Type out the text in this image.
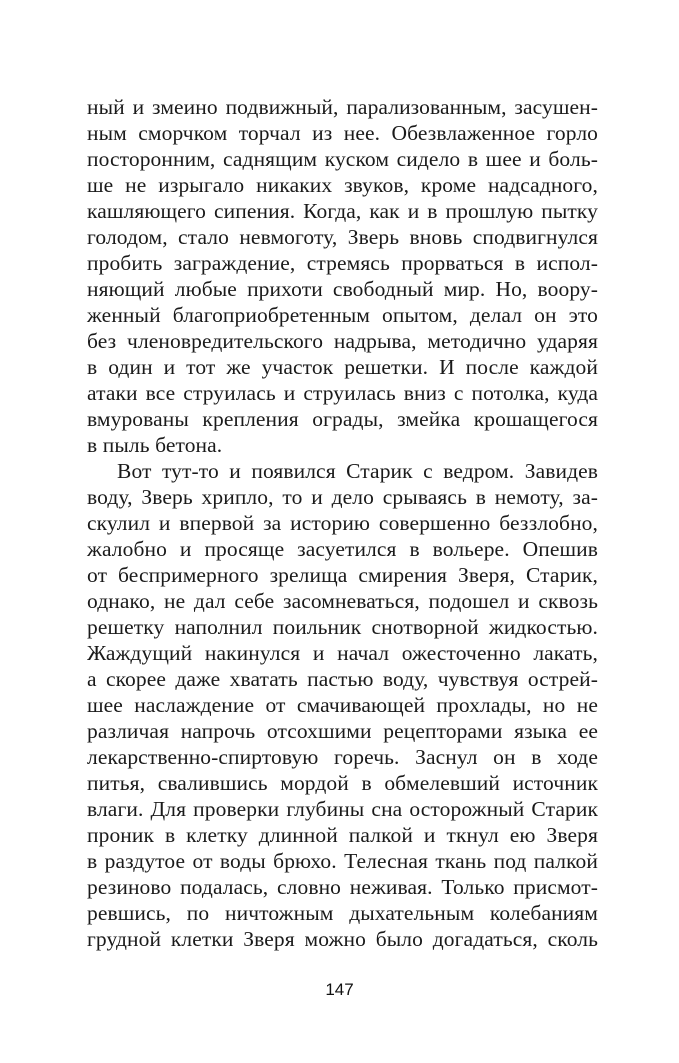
ный и змеино подвижный, парализованным, засушен-
ным сморчком торчал из нее. Обезвлаженное горло
посторонним, саднящим куском сидело в шее и боль-
ше не изрыгало никаких звуков, кроме надсадного,
кашляющего сипения. Когда, как и в прошлую пытку
голодом, стало невмоготу, Зверь вновь сподвигнулся
пробить заграждение, стремясь прорваться в испол-
няющий любые прихоти свободный мир. Но, воору-
женный благоприобретенным опытом, делал он это
без членовредительского надрыва, методично ударяя
в один и тот же участок решетки. И после каждой
атаки все струилась и струилась вниз с потолка, куда
вмурованы крепления ограды, змейка крошащегося
в пыль бетона.
Вот тут-то и появился Старик с ведром. Завидев
воду, Зверь хрипло, то и дело срываясь в немоту, за-
скулил и впервой за историю совершенно беззлобно,
жалобно и просяще засуетился в вольере. Опешив
от беспримерного зрелища смирения Зверя, Старик,
однако, не дал себе засомневаться, подошел и сквозь
решетку наполнил поильник снотворной жидкостью.
Жаждущий накинулся и начал ожесточенно лакать,
а скорее даже хватать пастью воду, чувствуя острей-
шее наслаждение от смачивающей прохлады, но не
различая напрочь отсохшими рецепторами языка ее
лекарственно-спиртовую горечь. Заснул он в ходе
питья, свалившись мордой в обмелевший источник
влаги. Для проверки глубины сна осторожный Старик
проник в клетку длинной палкой и ткнул ею Зверя
в раздутое от воды брюхо. Телесная ткань под палкой
резиново подалась, словно неживая. Только присмот-
ревшись, по ничтожным дыхательным колебаниям
грудной клетки Зверя можно было догадаться, сколь
147
